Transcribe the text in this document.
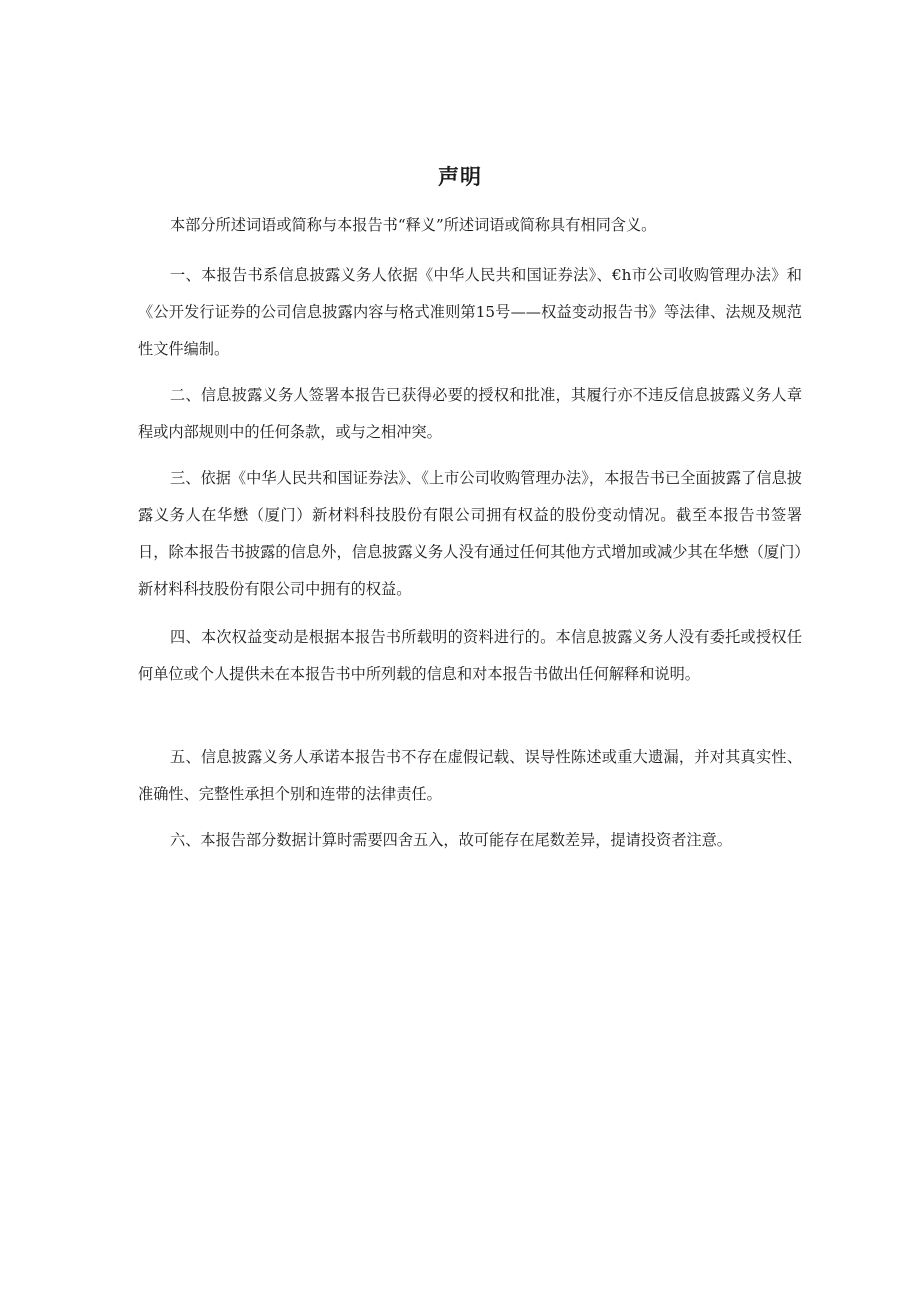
声明

本部分所述词语或简称与本报告书“释义”所述词语或简称具有相同含义。

一、本报告书系信息披露义务人依据《中华人民共和国证券法》、€h市公司收购管理办法》和《公开发行证券的公司信息披露内容与格式准则第15号——权益变动报告书》等法律、法规及规范性文件编制。

二、信息披露义务人签署本报告已获得必要的授权和批准，其履行亦不违反信息披露义务人章程或内部规则中的任何条款，或与之相冲突。

三、依据《中华人民共和国证券法》、《上市公司收购管理办法》，本报告书已全面披露了信息披露义务人在华懋（厦门）新材料科技股份有限公司拥有权益的股份变动情况。截至本报告书签署日，除本报告书披露的信息外，信息披露义务人没有通过任何其他方式增加或减少其在华懋（厦门）新材料科技股份有限公司中拥有的权益。

四、本次权益变动是根据本报告书所载明的资料进行的。本信息披露义务人没有委托或授权任何单位或个人提供未在本报告书中所列载的信息和对本报告书做出任何解释和说明。

五、信息披露义务人承诺本报告书不存在虚假记载、误导性陈述或重大遗漏，并对其真实性、准确性、完整性承担个别和连带的法律责任。

六、本报告部分数据计算时需要四舍五入，故可能存在尾数差异，提请投资者注意。
